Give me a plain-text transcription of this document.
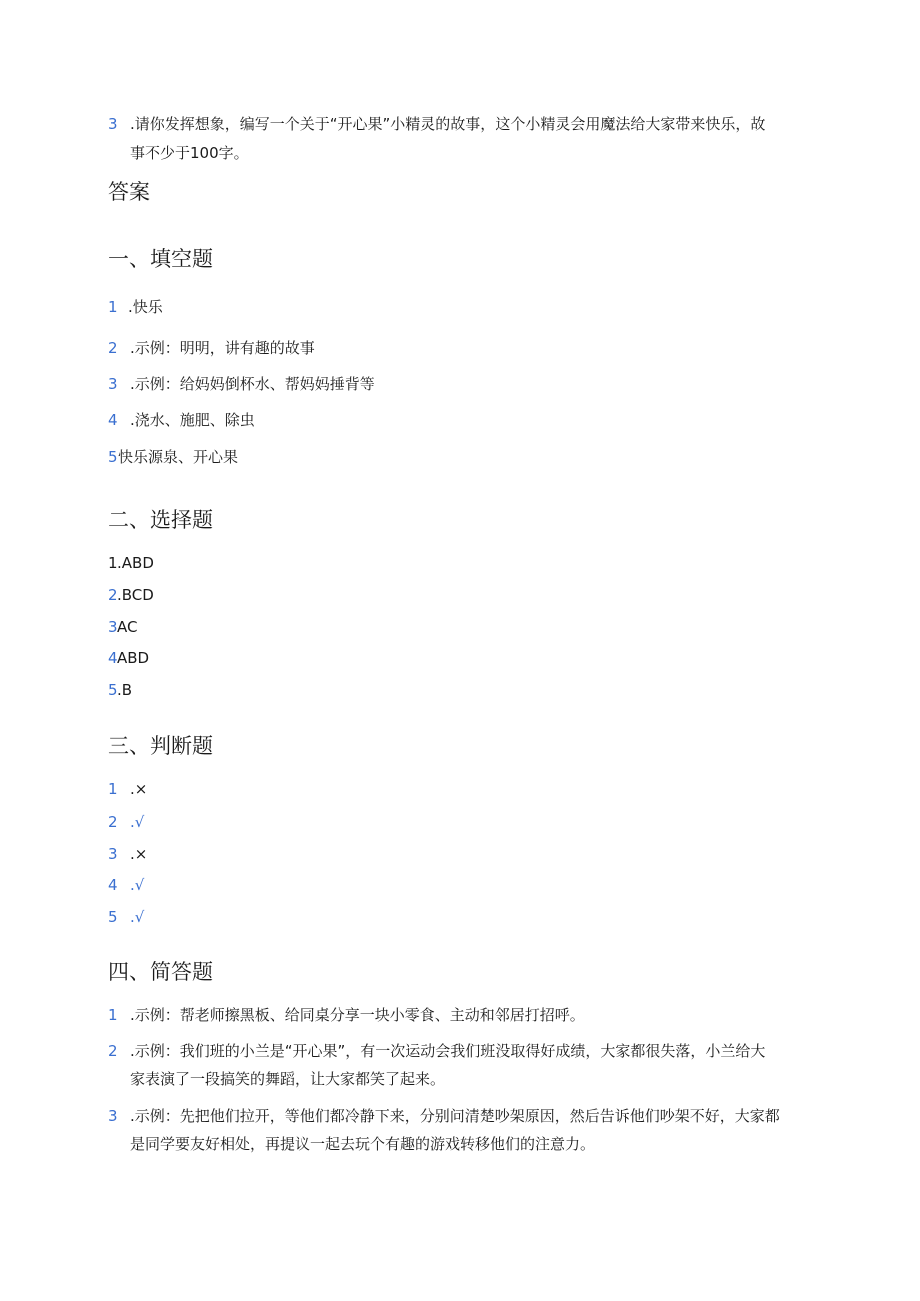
3 .请你发挥想象，编写一个关于“开心果”小精灵的故事，这个小精灵会用魔法给大家带来快乐，故
事不少于100字。
答案
一、填空题
1 .快乐
2 .示例：明明，讲有趣的故事
3 .示例：给妈妈倒杯水、帮妈妈捶背等
4 .浇水、施肥、除虫
5 快乐源泉、开心果
二、选择题
1 .ABD
2 .BCD
3 AC
4 ABD
5 .B
三、判断题
1 .×
2 .√
3 .×
4 .√
5 .√
四、简答题
1 .示例：帮老师擦黑板、给同桌分享一块小零食、主动和邻居打招呼。
2 .示例：我们班的小兰是“开心果”，有一次运动会我们班没取得好成绩，大家都很失落，小兰给大
家表演了一段搞笑的舞蹈，让大家都笑了起来。
3 .示例：先把他们拉开，等他们都冷静下来，分别问清楚吵架原因，然后告诉他们吵架不好，大家都
是同学要友好相处，再提议一起去玩个有趣的游戏转移他们的注意力。
